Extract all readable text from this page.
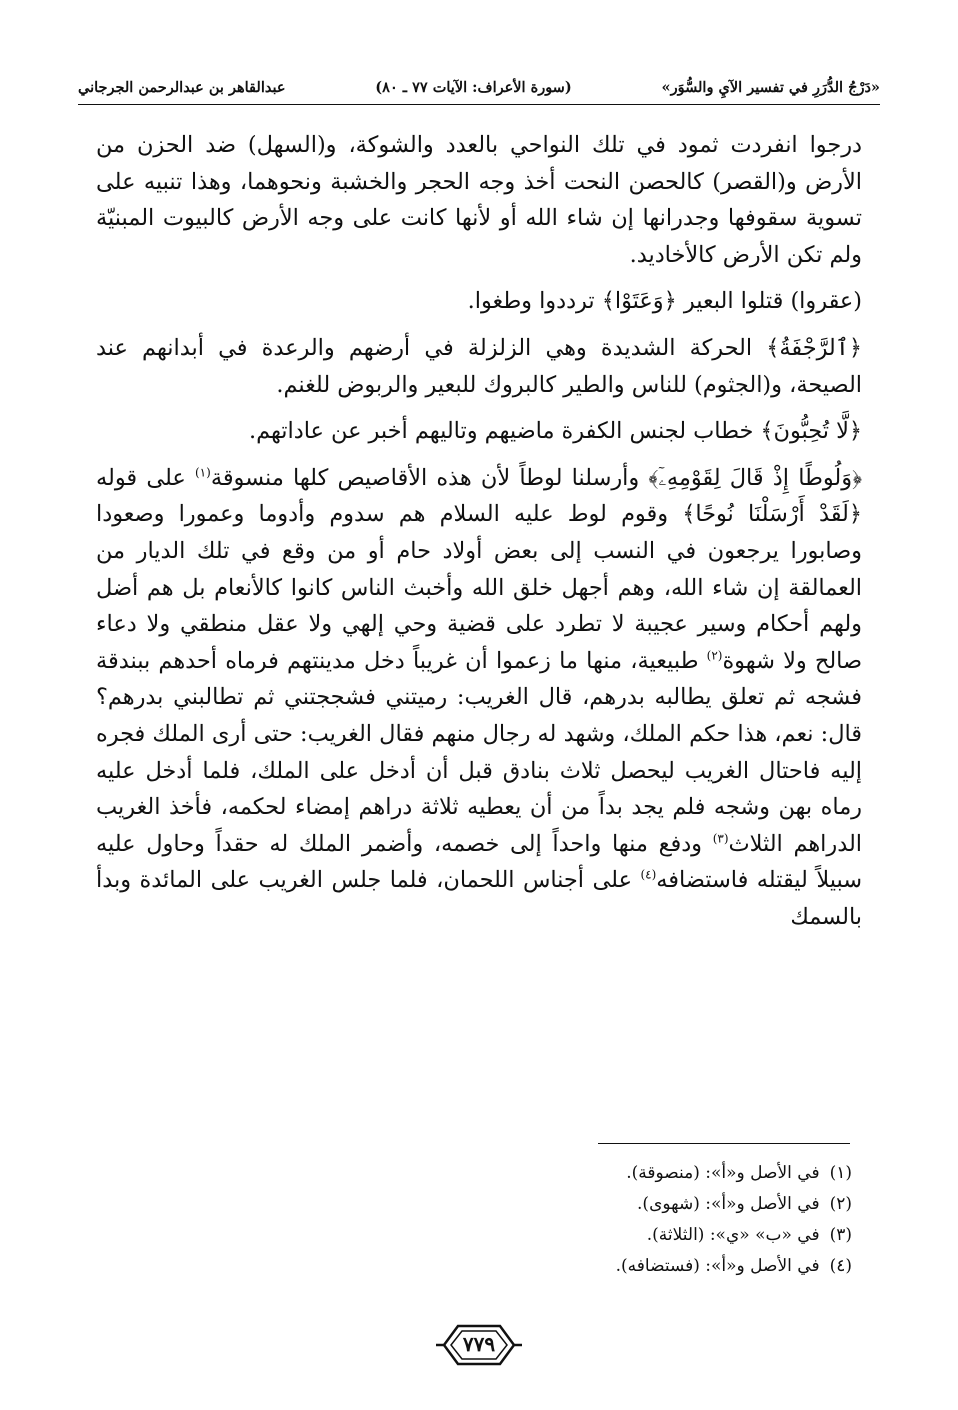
«دَرْجُ الدُّرَرِ في تفسير الآيِ والسُّوَر»
(سورة الأعراف: الآيات ٧٧ ـ ٨٠)
عبدالقاهر بن عبدالرحمن الجرجاني

درجوا انفردت ثمود في تلك النواحي بالعدد والشوكة، و(السهل) ضد الحزن من الأرض و(القصر) كالحصن النحت أخذ وجه الحجر والخشبة ونحوهما، وهذا تنبيه على تسوية سقوفها وجدرانها إن شاء الله أو لأنها كانت على وجه الأرض كالبيوت المبنيّة ولم تكن الأرض كالأخاديد.

(عقروا) قتلوا البعير ﴿وَعَتَوْا﴾ ترددوا وطغوا.

﴿ٱلرَّجْفَةُ﴾ الحركة الشديدة وهي الزلزلة في أرضهم والرعدة في أبدانهم عند الصيحة، و(الجثوم) للناس والطير كالبروك للبعير والربوض للغنم.

﴿لَّا تُحِبُّونَ﴾ خطاب لجنس الكفرة ماضيهم وتاليهم أخبر عن عاداتهم.

﴿وَلُوطًا إِذْ قَالَ لِقَوْمِهِۦٓ﴾ وأرسلنا لوطاً لأن هذه الأقاصيص كلها منسوقة$^{(١)}$ على قوله ﴿لَقَدْ أَرْسَلْنَا نُوحًا﴾ وقوم لوط عليه السلام هم سدوم وأدوما وعمورا وصعودا وصابورا يرجعون في النسب إلى بعض أولاد حام أو من وقع في تلك الديار من العمالقة إن شاء الله، وهم أجهل خلق الله وأخبث الناس كانوا كالأنعام بل هم أضل ولهم أحكام وسير عجيبة لا تطرد على قضية وحي إلهي ولا عقل منطقي ولا دعاء صالح ولا شهوة$^{(٢)}$ طبيعية، منها ما زعموا أن غريباً دخل مدينتهم فرماه أحدهم ببندقة فشجه ثم تعلق يطالبه بدرهم، قال الغريب: رميتني فشججتني ثم تطالبني بدرهم؟ قال: نعم، هذا حكم الملك، وشهد له رجال منهم فقال الغريب: حتى أرى الملك فجره إليه فاحتال الغريب ليحصل ثلاث بنادق قبل أن أدخل على الملك، فلما أدخل عليه رماه بهن وشجه فلم يجد بداً من أن يعطيه ثلاثة دراهم إمضاء لحكمه، فأخذ الغريب الدراهم الثلاث$^{(٣)}$ ودفع منها واحداً إلى خصمه، وأضمر الملك له حقداً وحاول عليه سبيلاً ليقتله فاستضافه$^{(٤)}$ على أجناس اللحمان، فلما جلس الغريب على المائدة وبدأ بالسمك

(١)
في الأصل و«أ»: (منصوقة).
(٢)
في الأصل و«أ»: (شهوى).
(٣)
في «ب» «ي»: (الثلاثة).
(٤)
في الأصل و«أ»: (فستضافه).
٧٧٩
